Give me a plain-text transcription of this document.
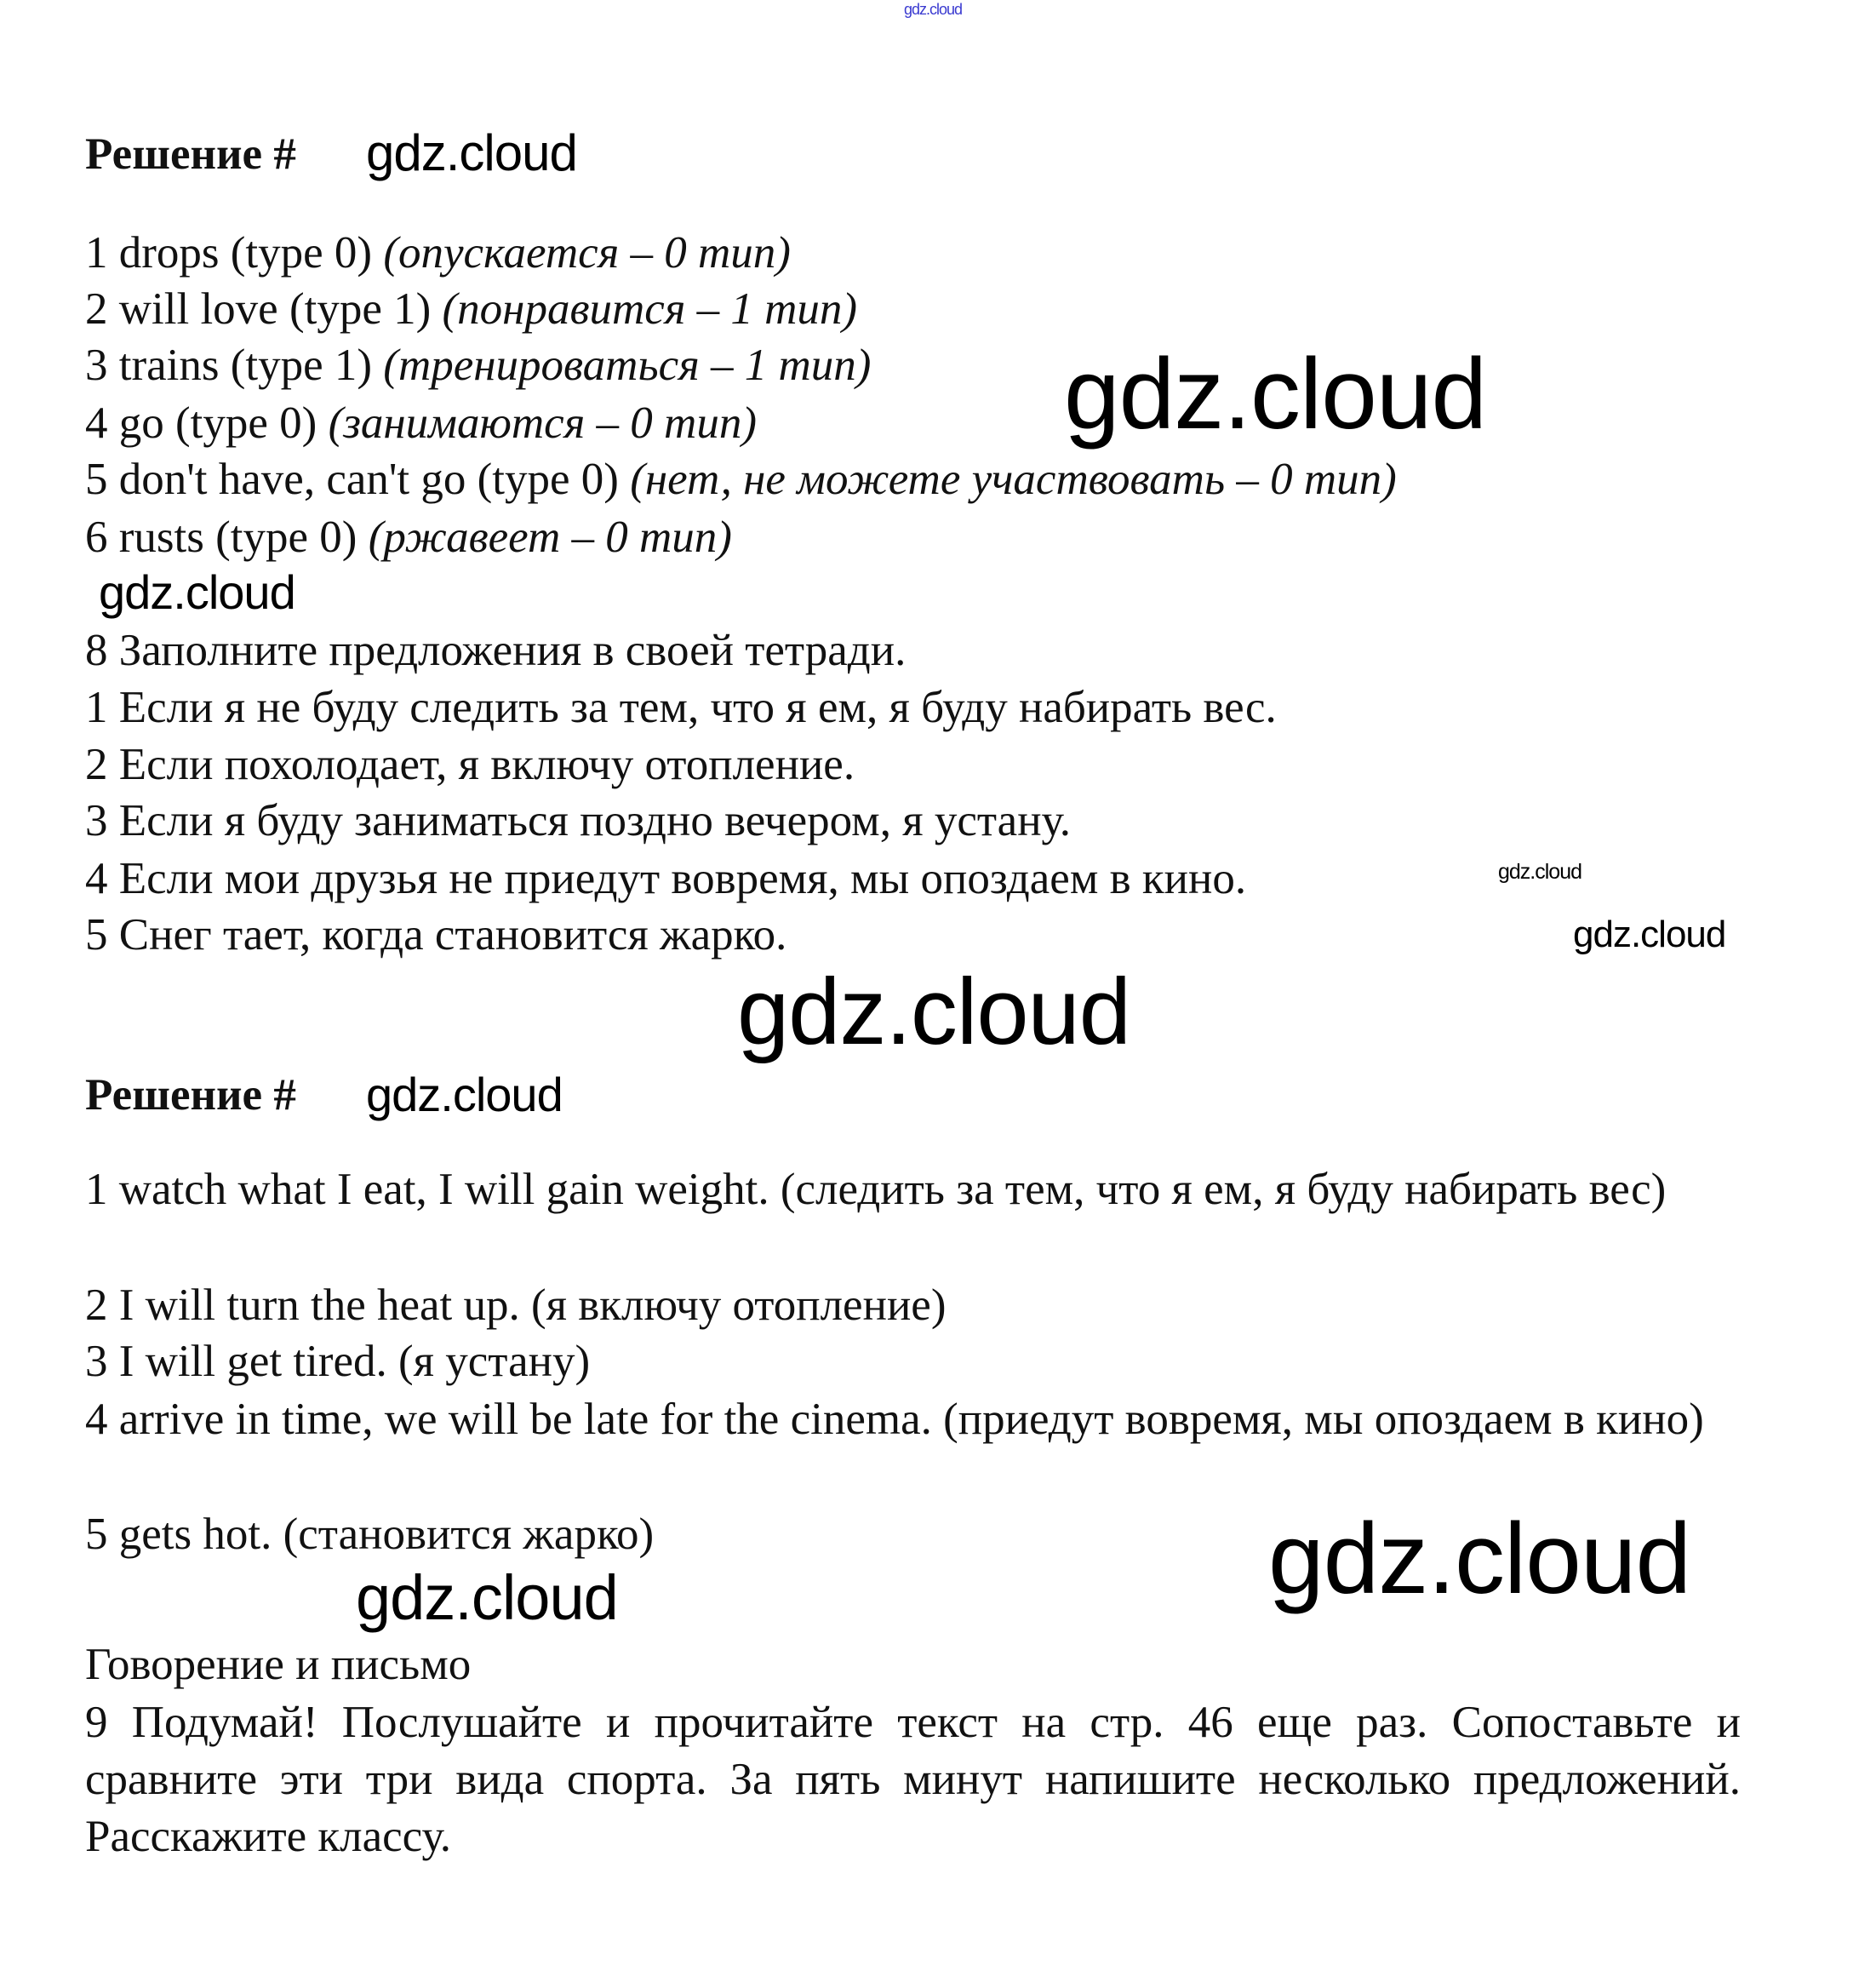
gdz.cloud
Решение # gdz.cloud
1 drops (type 0) (опускается – 0 тип)
2 will love (type 1) (понравится – 1 тип)
3 trains (type 1) (тренироваться – 1 тип)
4 go (type 0) (занимаются – 0 тип)
5 don't have, can't go (type 0) (нет, не можете участвовать – 0 тип)
6 rusts (type 0) (ржавеет – 0 тип)
gdz.cloud
gdz.cloud
8 Заполните предложения в своей тетради.
1 Если я не буду следить за тем, что я ем, я буду набирать вес.
2 Если похолодает, я включу отопление.
3 Если я буду заниматься поздно вечером, я устану.
4 Если мои друзья не приедут вовремя, мы опоздаем в кино.
5 Снег тает, когда становится жарко.
gdz.cloud
gdz.cloud
gdz.cloud
Решение # gdz.cloud
1 watch what I eat, I will gain weight. (следить за тем, что я ем, я буду набирать вес)
2 I will turn the heat up. (я включу отопление)
3 I will get tired. (я устану)
4 arrive in time, we will be late for the cinema. (приедут вовремя, мы опоздаем в кино)
5 gets hot. (становится жарко)	gdz.cloud
gdz.cloud
Говорение и письмо
9 Подумай! Послушайте и прочитайте текст на стр. 46 еще раз. Сопоставьте и сравните эти три вида спорта. За пять минут напишите несколько предложений. Расскажите классу.
